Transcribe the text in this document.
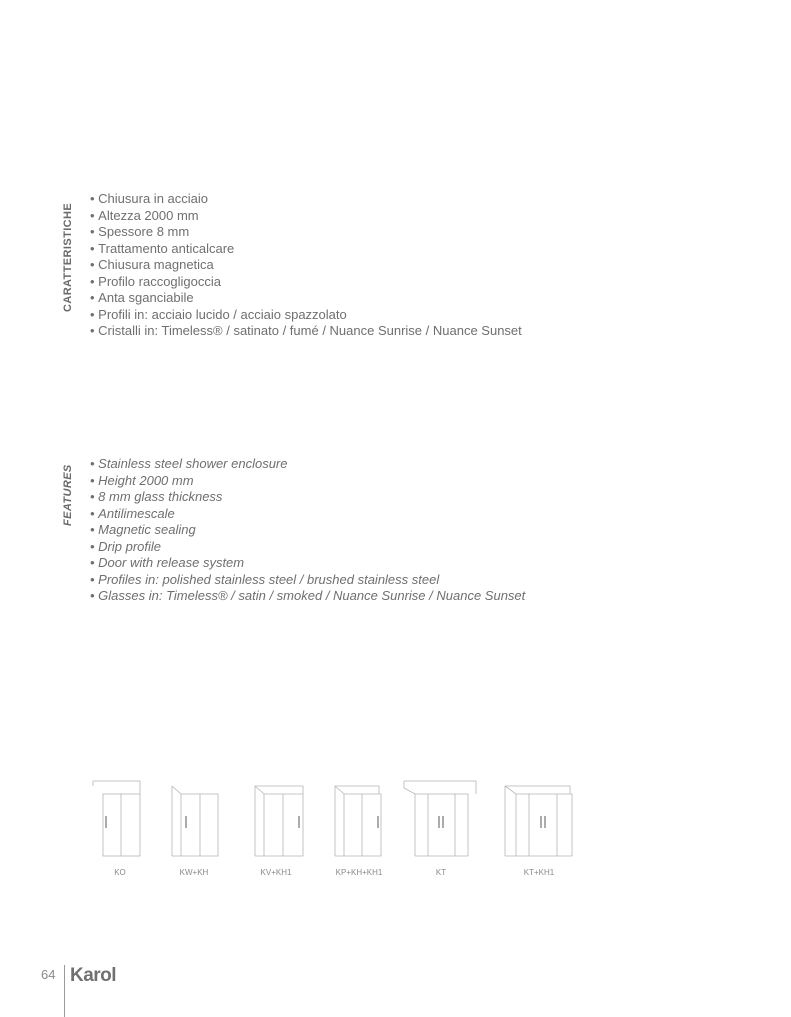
CARATTERISTICHE
• Chiusura in acciaio
• Altezza 2000 mm
• Spessore 8 mm
• Trattamento anticalcare
• Chiusura magnetica
• Profilo raccogligoccia
• Anta sganciabile
• Profili in: acciaio lucido / acciaio spazzolato
• Cristalli in: Timeless® / satinato / fumé / Nuance Sunrise / Nuance Sunset
FEATURES
• Stainless steel shower enclosure
• Height 2000 mm
• 8 mm glass thickness
• Antilimescale
• Magnetic sealing
• Drip profile
• Door with release system
• Profiles in: polished stainless steel / brushed stainless steel
• Glasses in: Timeless® / satin / smoked / Nuance Sunrise / Nuance Sunset
KO	KW+KH	KV+KH1	KP+KH+KH1	KT	KT+KH1
64 Karol
